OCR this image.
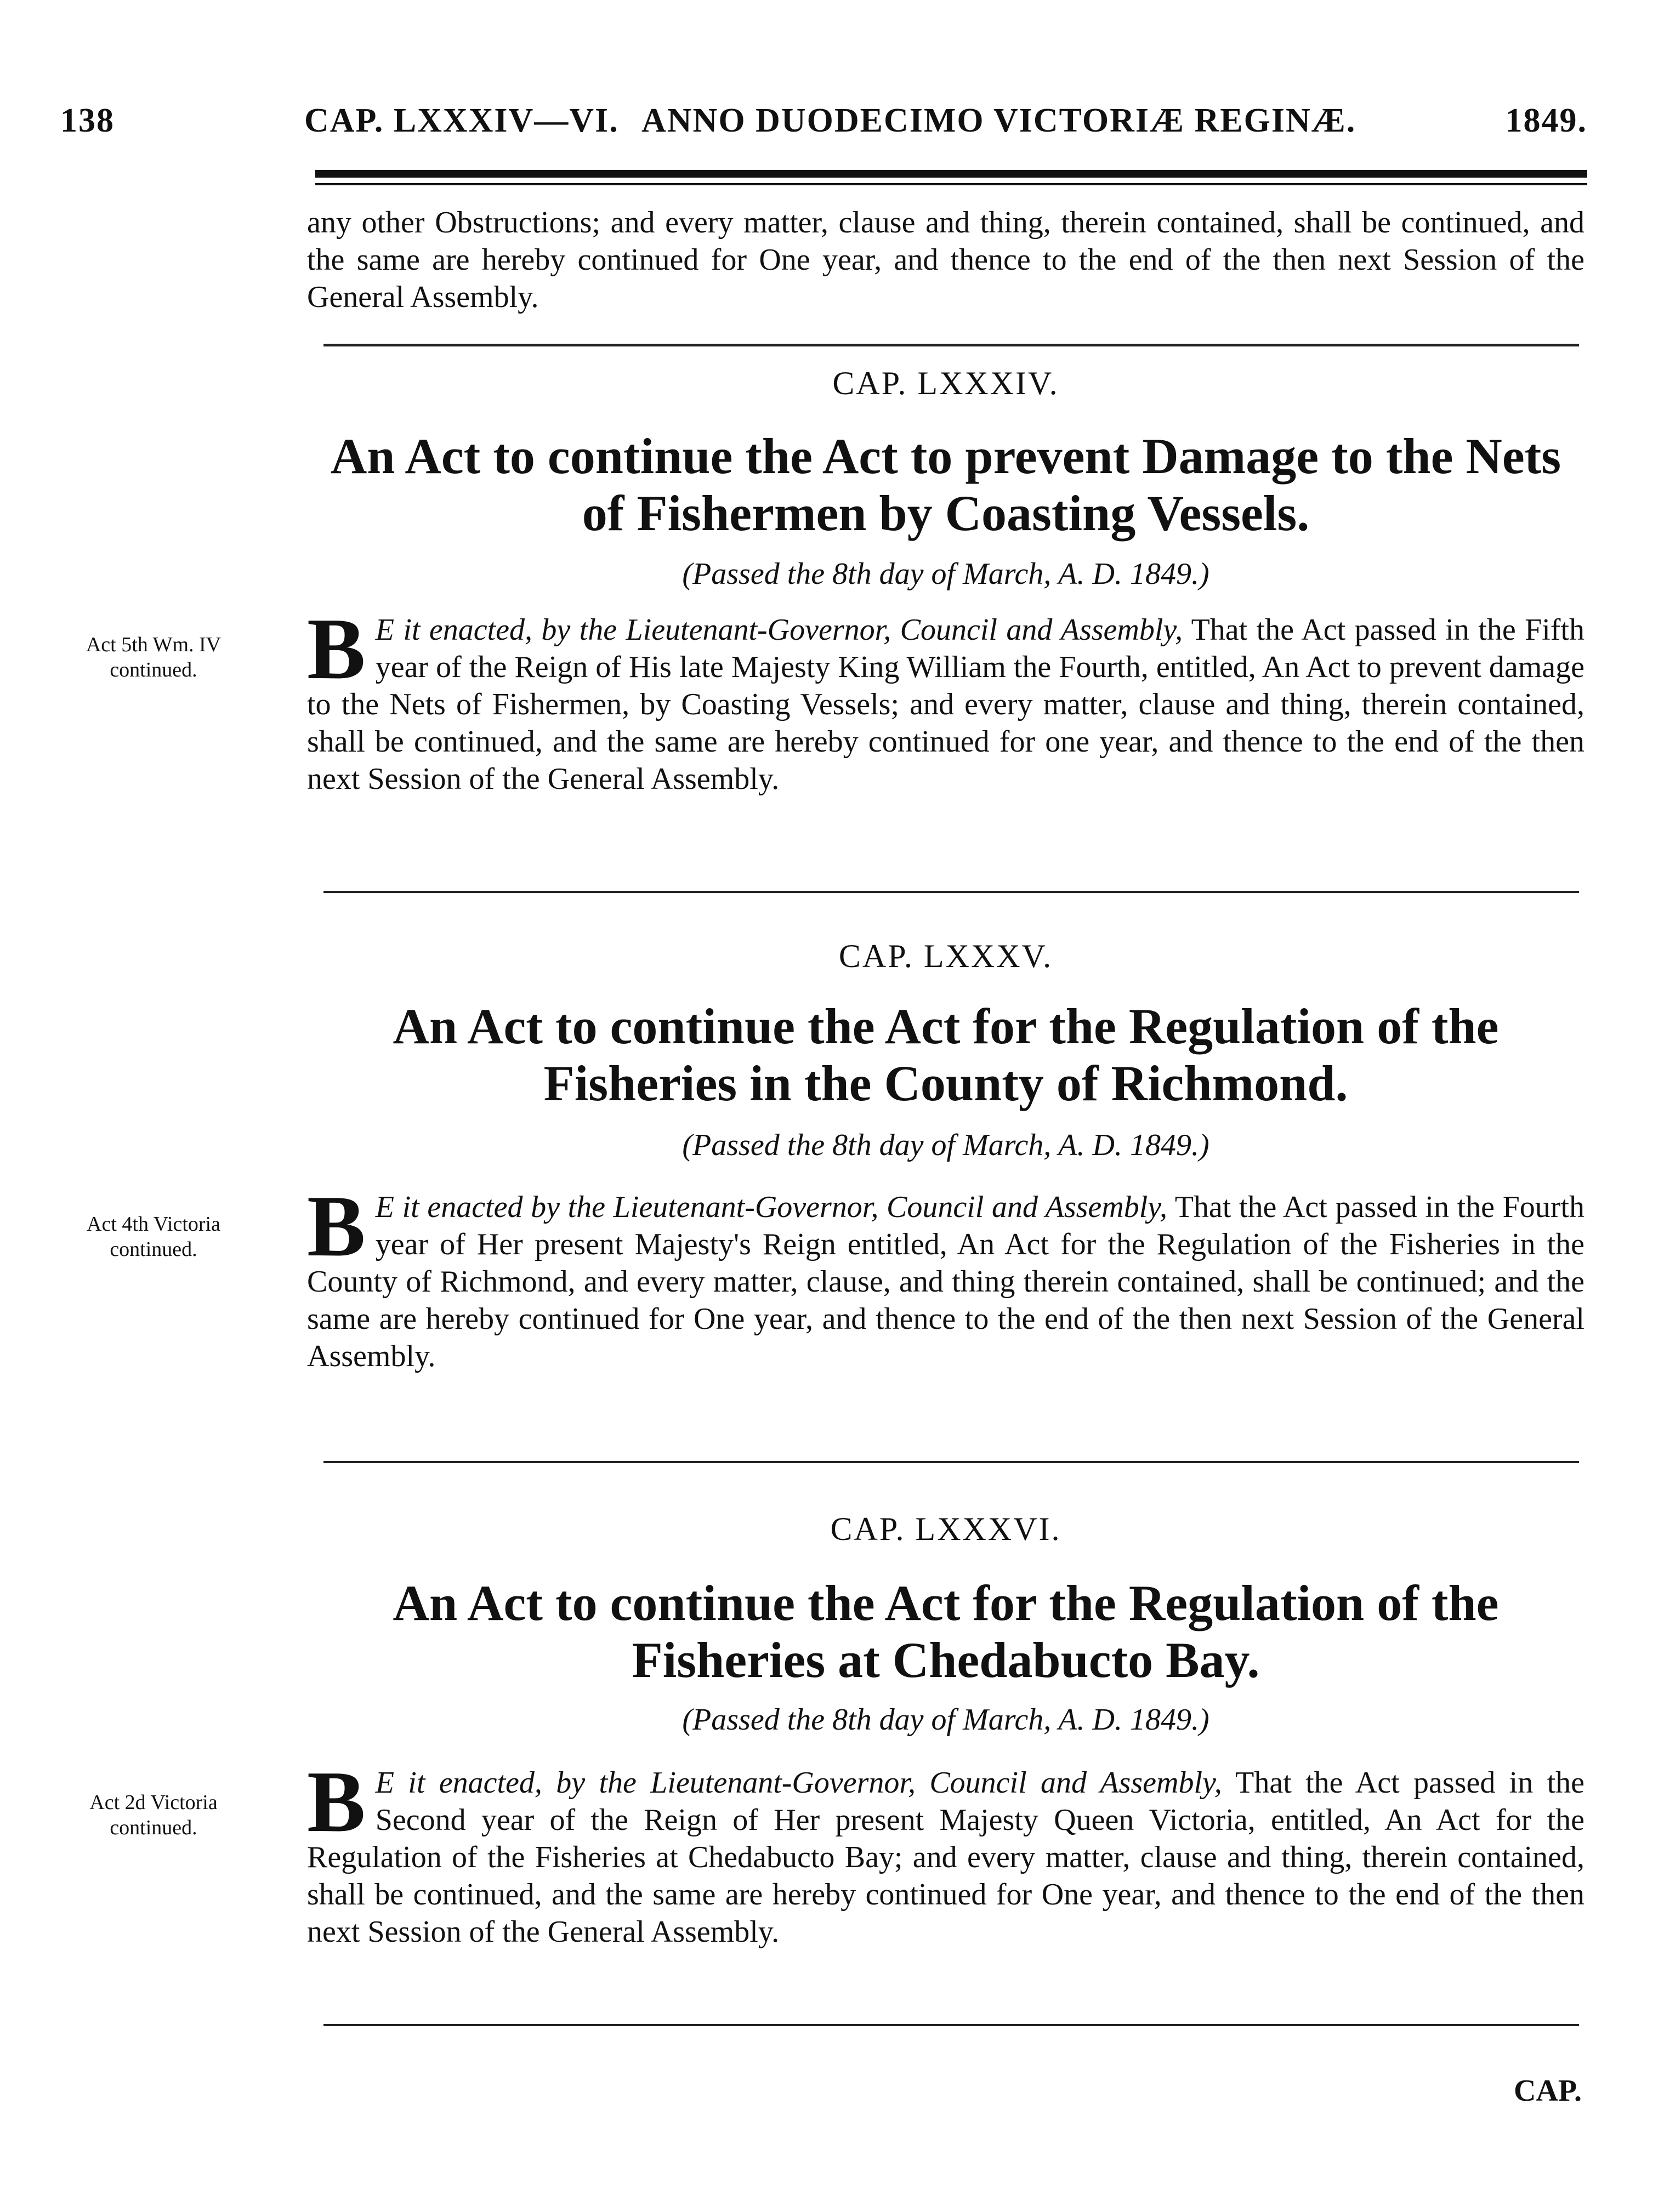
138	CAP. LXXXIV—VI. ANNO DUODECIMO VICTORIÆ REGINÆ.	1849.
any other Obstructions; and every matter, clause and thing, therein contained, shall be continued, and the same are hereby continued for One year, and thence to the end of the then next Session of the General Assembly.
CAP. LXXXIV.
An Act to continue the Act to prevent Damage to the Nets of Fishermen by Coasting Vessels.
(Passed the 8th day of March, A. D. 1849.)
Act 5th Wm. IV continued.	B E it enacted, by the Lieutenant-Governor, Council and Assembly, That the Act passed in the Fifth year of the Reign of His late Majesty King William the Fourth, entitled, An Act to prevent damage to the Nets of Fishermen, by Coasting Vessels; and every matter, clause and thing, therein contained, shall be continued, and the same are hereby continued for one year, and thence to the end of the then next Session of the General Assembly.
CAP. LXXXV.
An Act to continue the Act for the Regulation of the Fisheries in the County of Richmond.
(Passed the 8th day of March, A. D. 1849.)
Act 4th Victoria continued.	B E it enacted by the Lieutenant-Governor, Council and Assembly, That the Act passed in the Fourth year of Her present Majesty's Reign entitled, An Act for the Regulation of the Fisheries in the County of Richmond, and every matter, clause, and thing therein contained, shall be continued; and the same are hereby continued for One year, and thence to the end of the then next Session of the General Assembly.
CAP. LXXXVI.
An Act to continue the Act for the Regulation of the Fisheries at Chedabucto Bay.
(Passed the 8th day of March, A. D. 1849.)
Act 2d Victoria continued.	B E it enacted, by the Lieutenant-Governor, Council and Assembly, That the Act passed in the Second year of the Reign of Her present Majesty Queen Victoria, entitled, An Act for the Regulation of the Fisheries at Chedabucto Bay; and every matter, clause and thing, therein contained, shall be continued, and the same are hereby continued for One year, and thence to the end of the then next Session of the General Assembly.
CAP.
